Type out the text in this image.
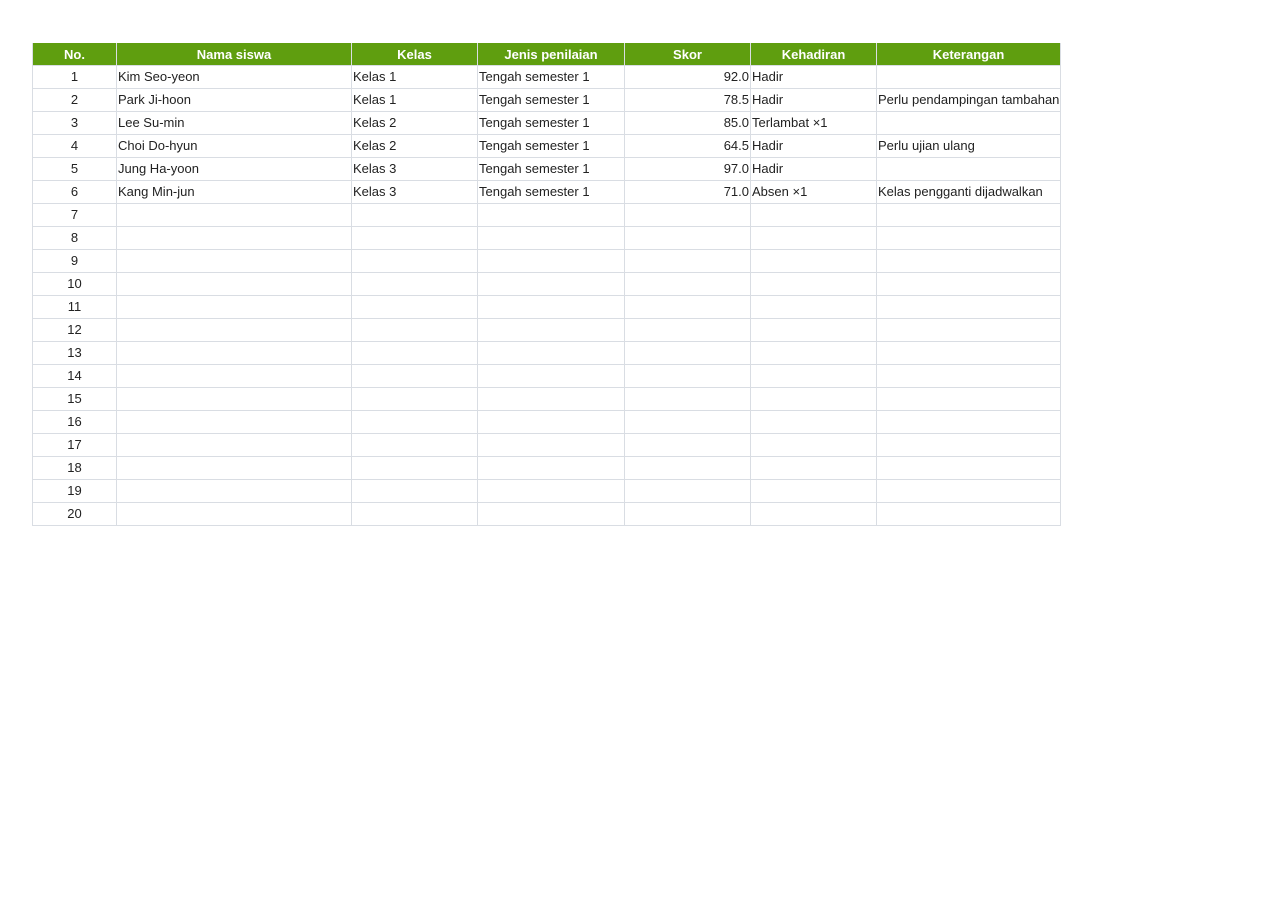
No.	Nama siswa	Kelas	Jenis penilaian	Skor	Kehadiran	Keterangan
1	Kim Seo-yeon	Kelas 1	Tengah semester 1	92.0	Hadir	
2	Park Ji-hoon	Kelas 1	Tengah semester 1	78.5	Hadir	Perlu pendampingan tambahan
3	Lee Su-min	Kelas 2	Tengah semester 1	85.0	Terlambat ×1	
4	Choi Do-hyun	Kelas 2	Tengah semester 1	64.5	Hadir	Perlu ujian ulang
5	Jung Ha-yoon	Kelas 3	Tengah semester 1	97.0	Hadir	
6	Kang Min-jun	Kelas 3	Tengah semester 1	71.0	Absen ×1	Kelas pengganti dijadwalkan
7						
8						
9						
10						
11						
12						
13						
14						
15						
16						
17						
18						
19						
20						
